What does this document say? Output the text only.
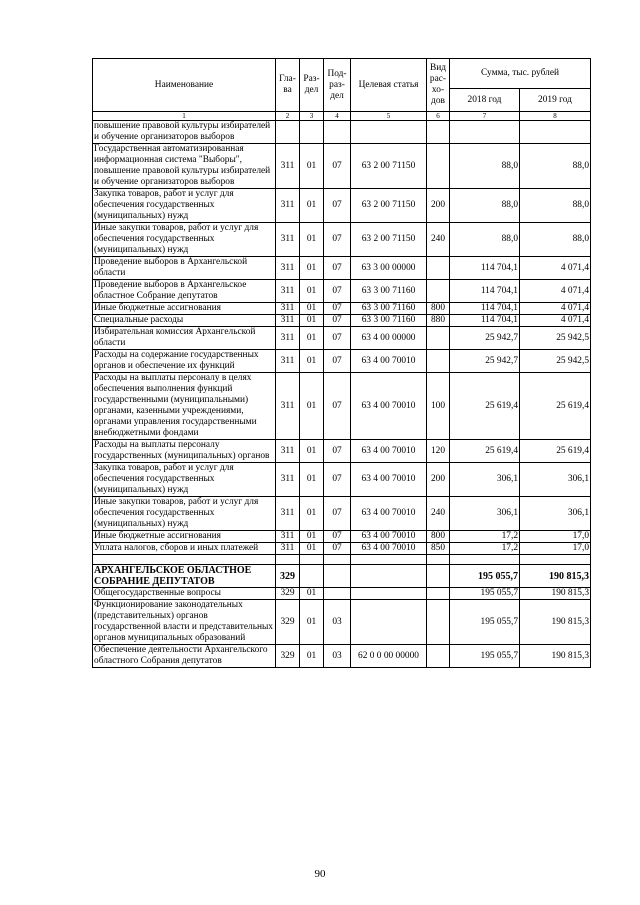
Наименование	Гла-ва	Раз-дел	Под-раз-дел	Целевая статья	Вид рас-хо-дов	Сумма, тыс. рублей	
						2018 год	2019 год
1	2	3	4	5	6	7	8
повышение правовой культуры избирателей и обучение организаторов выборов							
Государственная автоматизированная информационная система "Выборы", повышение правовой культуры избирателей и обучение организаторов выборов	311	01	07	63 2 00 71150		88,0	88,0
Закупка товаров, работ и услуг для обеспечения государственных (муниципальных) нужд	311	01	07	63 2 00 71150	200	88,0	88,0
Иные закупки товаров, работ и услуг для обеспечения государственных (муниципальных) нужд	311	01	07	63 2 00 71150	240	88,0	88,0
Проведение выборов в Архангельской области	311	01	07	63 3 00 00000		114 704,1	4 071,4
Проведение выборов в Архангельское областное Собрание депутатов	311	01	07	63 3 00 71160		114 704,1	4 071,4
Иные бюджетные ассигнования	311	01	07	63 3 00 71160	800	114 704,1	4 071,4
Специальные расходы	311	01	07	63 3 00 71160	880	114 704,1	4 071,4
Избирательная комиссия Архангельской области	311	01	07	63 4 00 00000		25 942,7	25 942,5
Расходы на содержание государственных органов и обеспечение их функций	311	01	07	63 4 00 70010		25 942,7	25 942,5
Расходы на выплаты персоналу в целях обеспечения выполнения функций государственными (муниципальными) органами, казенными учреждениями, органами управления государственными внебюджетными фондами	311	01	07	63 4 00 70010	100	25 619,4	25 619,4
Расходы на выплаты персоналу государственных (муниципальных) органов	311	01	07	63 4 00 70010	120	25 619,4	25 619,4
Закупка товаров, работ и услуг для обеспечения государственных (муниципальных) нужд	311	01	07	63 4 00 70010	200	306,1	306,1
Иные закупки товаров, работ и услуг для обеспечения государственных (муниципальных) нужд	311	01	07	63 4 00 70010	240	306,1	306,1
Иные бюджетные ассигнования	311	01	07	63 4 00 70010	800	17,2	17,0
Уплата налогов, сборов и иных платежей	311	01	07	63 4 00 70010	850	17,2	17,0

АРХАНГЕЛЬСКОЕ ОБЛАСТНОЕ СОБРАНИЕ ДЕПУТАТОВ	329					195 055,7	190 815,3
Общегосударственные вопросы	329	01				195 055,7	190 815,3
Функционирование законодательных (представительных) органов государственной власти и представительных органов муниципальных образований	329	01	03			195 055,7	190 815,3
Обеспечение деятельности Архангельского областного Собрания депутатов	329	01	03	62 0 0 00 00000		195 055,7	190 815,3
90
